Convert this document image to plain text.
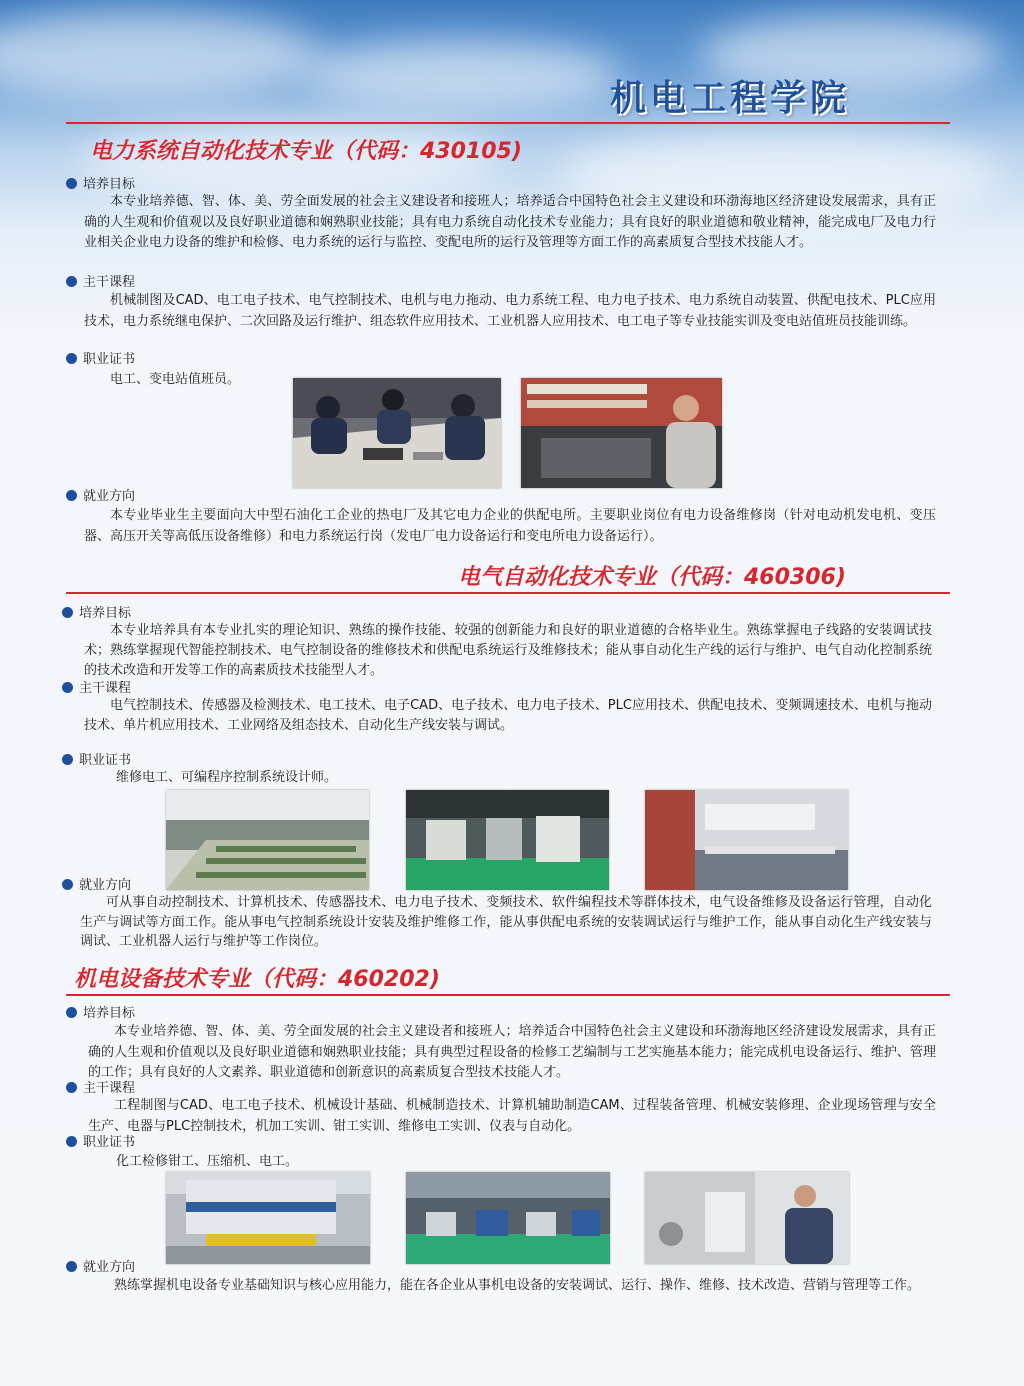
机电工程学院
电力系统自动化技术专业（代码：430105)
培养目标

本专业培养德、智、体、美、劳全面发展的社会主义建设者和接班人；培养适合中国特色社会主义建设和环渤海地区经济建设发展需求，具有正确的人生观和价值观以及良好职业道德和娴熟职业技能；具有电力系统自动化技术专业能力；具有良好的职业道德和敬业精神，能完成电厂及电力行业相关企业电力设备的维护和检修、电力系统的运行与监控、变配电所的运行及管理等方面工作的高素质复合型技术技能人才。

主干课程

机械制图及CAD、电工电子技术、电气控制技术、电机与电力拖动、电力系统工程、电力电子技术、电力系统自动装置、供配电技术、PLC应用技术，电力系统继电保护、二次回路及运行维护、组态软件应用技术、工业机器人应用技术、电工电子等专业技能实训及变电站值班员技能训练。

职业证书

电工、变电站值班员。

就业方向

本专业毕业生主要面向大中型石油化工企业的热电厂及其它电力企业的供配电所。主要职业岗位有电力设备维修岗（针对电动机发电机、变压器、高压开关等高低压设备维修）和电力系统运行岗（发电厂电力设备运行和变电所电力设备运行）。

电气自动化技术专业（代码：460306)
培养目标

本专业培养具有本专业扎实的理论知识、熟练的操作技能、较强的创新能力和良好的职业道德的合格毕业生。熟练掌握电子线路的安装调试技术；熟练掌握现代智能控制技术、电气控制设备的维修技术和供配电系统运行及维修技术；能从事自动化生产线的运行与维护、电气自动化控制系统的技术改造和开发等工作的高素质技术技能型人才。

主干课程

电气控制技术、传感器及检测技术、电工技术、电子CAD、电子技术、电力电子技术、PLC应用技术、供配电技术、变频调速技术、电机与拖动技术、单片机应用技术、工业网络及组态技术、自动化生产线安装与调试。

职业证书

维修电工、可编程序控制系统设计师。

就业方向

可从事自动控制技术、计算机技术、传感器技术、电力电子技术、变频技术、软件编程技术等群体技术，电气设备维修及设备运行管理，自动化生产与调试等方面工作。能从事电气控制系统设计安装及维护维修工作，能从事供配电系统的安装调试运行与维护工作，能从事自动化生产线安装与调试、工业机器人运行与维护等工作岗位。

机电设备技术专业（代码：460202)
培养目标

本专业培养德、智、体、美、劳全面发展的社会主义建设者和接班人；培养适合中国特色社会主义建设和环渤海地区经济建设发展需求，具有正确的人生观和价值观以及良好职业道德和娴熟职业技能；具有典型过程设备的检修工艺编制与工艺实施基本能力；能完成机电设备运行、维护、管理的工作；具有良好的人文素养、职业道德和创新意识的高素质复合型技术技能人才。

主干课程

工程制图与CAD、电工电子技术、机械设计基础、机械制造技术、计算机辅助制造CAM、过程装备管理、机械安装修理、企业现场管理与安全生产、电器与PLC控制技术，机加工实训、钳工实训、维修电工实训、仪表与自动化。

职业证书

化工检修钳工、压缩机、电工。

就业方向

熟练掌握机电设备专业基础知识与核心应用能力，能在各企业从事机电设备的安装调试、运行、操作、维修、技术改造、营销与管理等工作。
